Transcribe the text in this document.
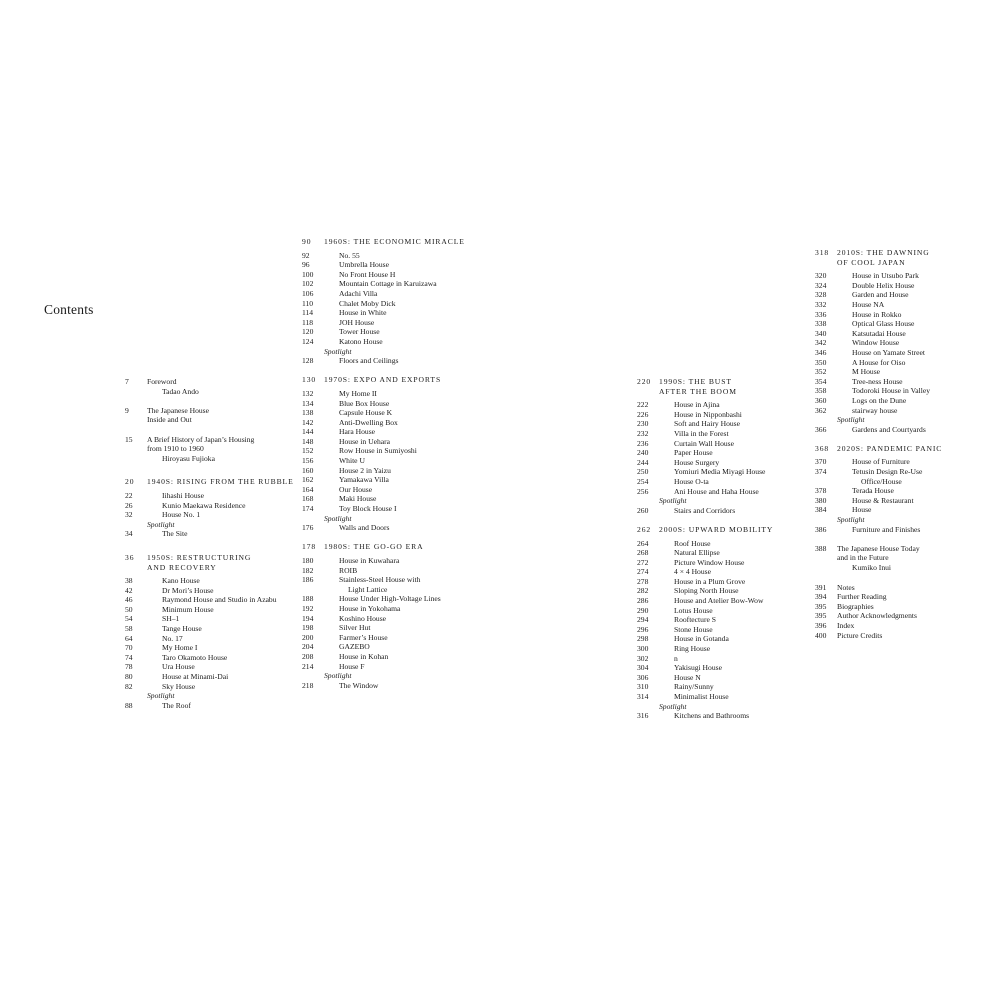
Contents
7	Foreword
Tadao Ando
9	The Japanese House
Inside and Out
15	A Brief History of Japan’s Housing
from 1910 to 1960
Hiroyasu Fujioka
20	1940S: RISING FROM THE RUBBLE
22	Iihashi House
26	Kunio Maekawa Residence
32	House No. 1
Spotlight
34	The Site
36	1950S: RESTRUCTURING
AND RECOVERY
38	Kano House
42	Dr Mori’s House
46	Raymond House and Studio in Azabu
50	Minimum House
54	SH–1
58	Tange House
64	No. 17
70	My Home I
74	Taro Okamoto House
78	Ura House
80	House at Minami-Dai
82	Sky House
Spotlight
88	The Roof
90	1960S: THE ECONOMIC MIRACLE
92	No. 55
96	Umbrella House
100	No Front House H
102	Mountain Cottage in Karuizawa
106	Adachi Villa
110	Chalet Moby Dick
114	House in White
118	JOH House
120	Tower House
124	Katono House
Spotlight
128	Floors and Ceilings
130	1970S: EXPO AND EXPORTS
132	My Home II
134	Blue Box House
138	Capsule House K
142	Anti-Dwelling Box
144	Hara House
148	House in Uehara
152	Row House in Sumiyoshi
156	White U
160	House 2 in Yaizu
162	Yamakawa Villa
164	Our House
168	Maki House
174	Toy Block House I
Spotlight
176	Walls and Doors
178	1980S: THE GO-GO ERA
180	House in Kuwahara
182	ROIB
186	Stainless-Steel House with
Light Lattice
188	House Under High-Voltage Lines
192	House in Yokohama
194	Koshino House
198	Silver Hut
200	Farmer’s House
204	GAZEBO
208	House in Kohan
214	House F
Spotlight
218	The Window
220	1990S: THE BUST
AFTER THE BOOM
222	House in Ajina
226	House in Nipponbashi
230	Soft and Hairy House
232	Villa in the Forest
236	Curtain Wall House
240	Paper House
244	House Surgery
250	Yomiuri Media Miyagi House
254	House O-ta
256	Ani House and Haha House
Spotlight
260	Stairs and Corridors
262	2000S: UPWARD MOBILITY
264	Roof House
268	Natural Ellipse
272	Picture Window House
274	4 × 4 House
278	House in a Plum Grove
282	Sloping North House
286	House and Atelier Bow-Wow
290	Lotus House
294	Rooftecture S
296	Stone House
298	House in Gotanda
300	Ring House
302	n
304	Yakisugi House
306	House N
310	Rainy/Sunny
314	Minimalist House
Spotlight
316	Kitchens and Bathrooms
318	2010S: THE DAWNING
OF COOL JAPAN
320	House in Utsubo Park
324	Double Helix House
328	Garden and House
332	House NA
336	House in Rokko
338	Optical Glass House
340	Katsutadai House
342	Window House
346	House on Yamate Street
350	A House for Oiso
352	M House
354	Tree-ness House
358	Todoroki House in Valley
360	Logs on the Dune
362	stairway house
Spotlight
366	Gardens and Courtyards
368	2020S: PANDEMIC PANIC
370	House of Furniture
374	Tetusin Design Re-Use
Office/House
378	Terada House
380	House & Restaurant
384	House
Spotlight
386	Furniture and Finishes
388	The Japanese House Today
and in the Future
Kumiko Inui
391	Notes
394	Further Reading
395	Biographies
395	Author Acknowledgments
396	Index
400	Picture Credits
